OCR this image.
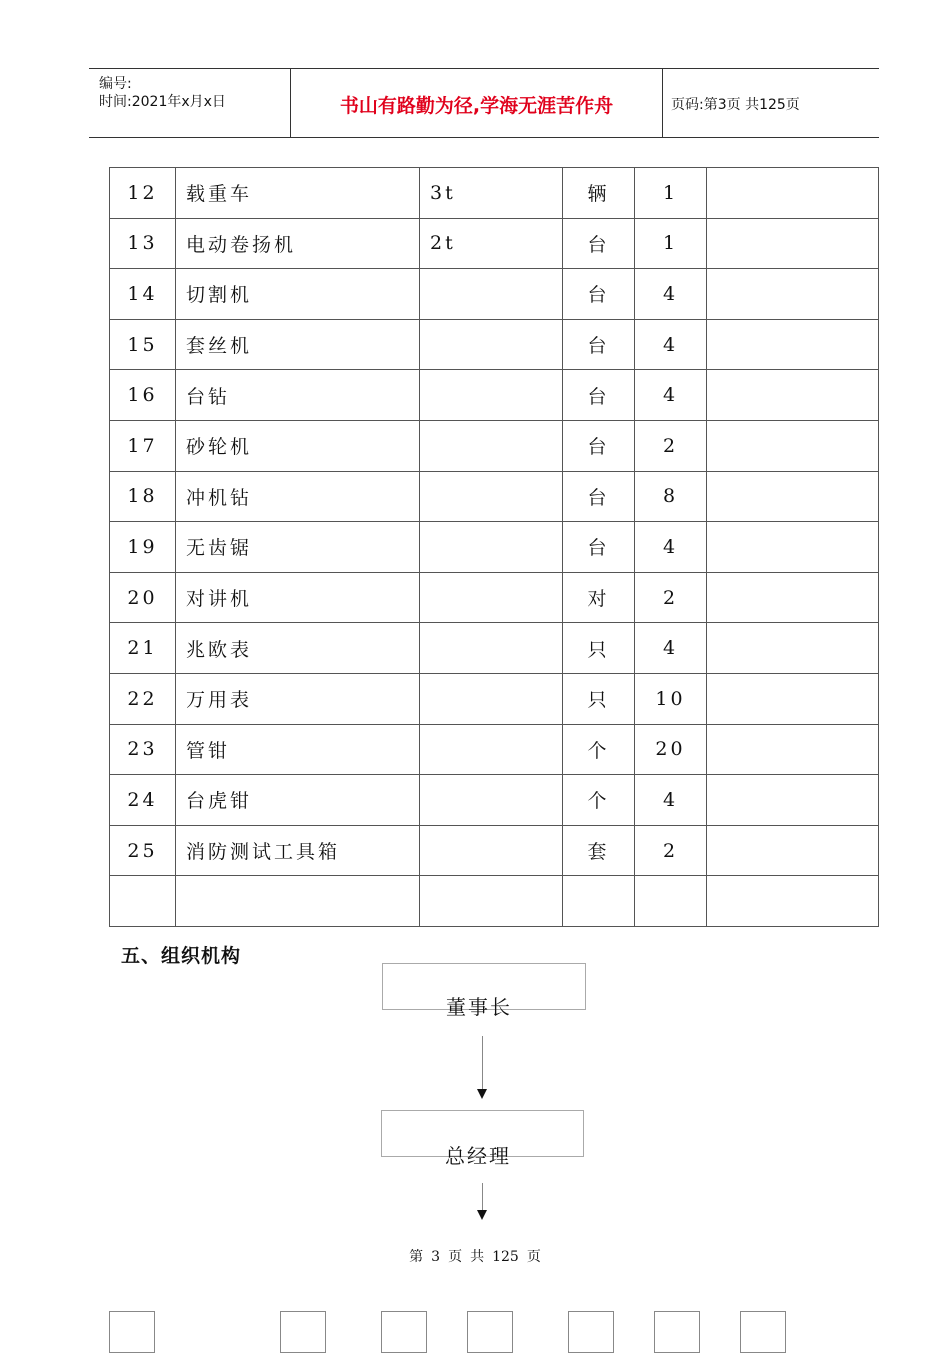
编号:
时间:2021年x月x日	书山有路勤为径,学海无涯苦作舟	页码:第3页 共125页
12	载重车	3t	辆	1	
13	电动卷扬机	2t	台	1	
14	切割机		台	4	
15	套丝机		台	4	
16	台钻		台	4	
17	砂轮机		台	2	
18	冲机钻		台	8	
19	无齿锯		台	4	
20	对讲机		对	2	
21	兆欧表		只	4	
22	万用表		只	10	
23	管钳		个	20	
24	台虎钳		个	4	
25	消防测试工具箱		套	2	

五、组织机构
董事长
总经理
第 3 页 共 125 页
